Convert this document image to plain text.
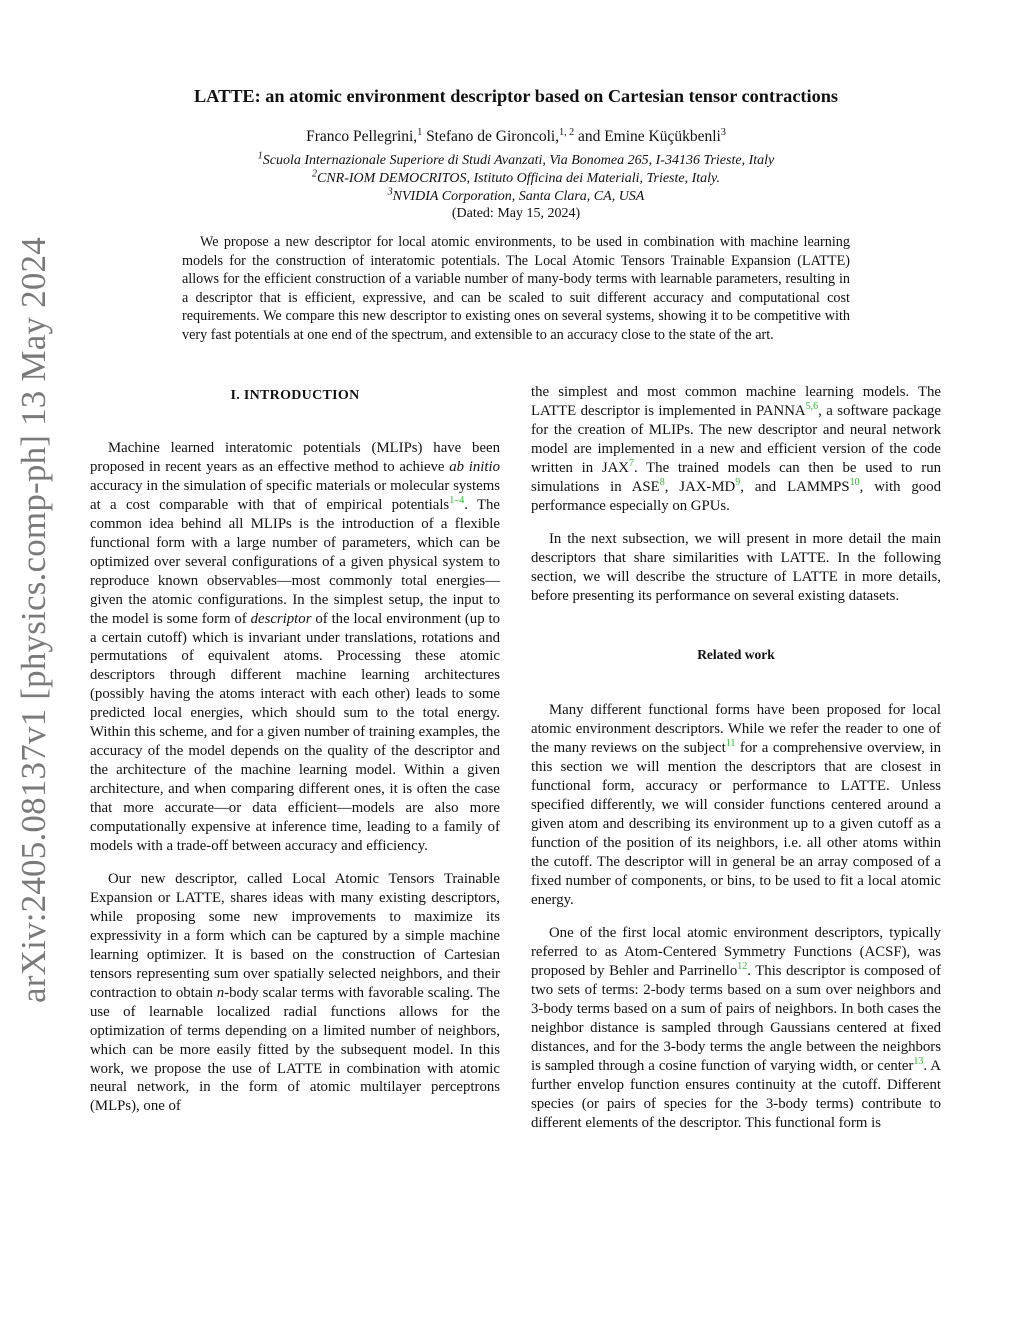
arXiv:2405.08137v1 [physics.comp-ph] 13 May 2024
LATTE: an atomic environment descriptor based on Cartesian tensor contractions
Franco Pellegrini,$^1$ Stefano de Gironcoli,$^{1, 2}$ and Emine Küçükbenli$^3$
$^1$Scuola Internazionale Superiore di Studi Avanzati, Via Bonomea 265, I-34136 Trieste, Italy
$^2$CNR-IOM DEMOCRITOS, Istituto Officina dei Materiali, Trieste, Italy.
$^3$NVIDIA Corporation, Santa Clara, CA, USA
(Dated: May 15, 2024)

We propose a new descriptor for local atomic environments, to be used in combination with machine learning models for the construction of interatomic potentials. The Local Atomic Tensors Trainable Expansion (LATTE) allows for the efficient construction of a variable number of many-body terms with learnable parameters, resulting in a descriptor that is efficient, expressive, and can be scaled to suit different accuracy and computational cost requirements. We compare this new descriptor to existing ones on several systems, showing it to be competitive with very fast potentials at one end of the spectrum, and extensible to an accuracy close to the state of the art.

I. INTRODUCTION

Machine learned interatomic potentials (MLIPs) have been proposed in recent years as an effective method to achieve ab initio accuracy in the simulation of specific materials or molecular systems at a cost comparable with that of empirical potentials$^{1-4}$. The common idea behind all MLIPs is the introduction of a flexible functional form with a large number of parameters, which can be optimized over several configurations of a given physical system to reproduce known observables—most commonly total energies—given the atomic configurations. In the simplest setup, the input to the model is some form of descriptor of the local environment (up to a certain cutoff) which is invariant under translations, rotations and permutations of equivalent atoms. Processing these atomic descriptors through different machine learning architectures (possibly having the atoms interact with each other) leads to some predicted local energies, which should sum to the total energy. Within this scheme, and for a given number of training examples, the accuracy of the model depends on the quality of the descriptor and the architecture of the machine learning model. Within a given architecture, and when comparing different ones, it is often the case that more accurate—or data efficient—models are also more computationally expensive at inference time, leading to a family of models with a trade-off between accuracy and efficiency.

Our new descriptor, called Local Atomic Tensors Trainable Expansion or LATTE, shares ideas with many existing descriptors, while proposing some new improvements to maximize its expressivity in a form which can be captured by a simple machine learning optimizer. It is based on the construction of Cartesian tensors representing sum over spatially selected neighbors, and their contraction to obtain n-body scalar terms with favorable scaling. The use of learnable localized radial functions allows for the optimization of terms depending on a limited number of neighbors, which can be more easily fitted by the subsequent model. In this work, we propose the use of LATTE in combination with atomic neural network, in the form of atomic multilayer perceptrons (MLPs), one of

the simplest and most common machine learning models. The LATTE descriptor is implemented in PANNA$^{5,6}$, a software package for the creation of MLIPs. The new descriptor and neural network model are implemented in a new and efficient version of the code written in JAX$^7$. The trained models can then be used to run simulations in ASE$^8$, JAX-MD$^9$, and LAMMPS$^{10}$, with good performance especially on GPUs.

In the next subsection, we will present in more detail the main descriptors that share similarities with LATTE. In the following section, we will describe the structure of LATTE in more details, before presenting its performance on several existing datasets.

Related work

Many different functional forms have been proposed for local atomic environment descriptors. While we refer the reader to one of the many reviews on the subject$^{11}$ for a comprehensive overview, in this section we will mention the descriptors that are closest in functional form, accuracy or performance to LATTE. Unless specified differently, we will consider functions centered around a given atom and describing its environment up to a given cutoff as a function of the position of its neighbors, i.e. all other atoms within the cutoff. The descriptor will in general be an array composed of a fixed number of components, or bins, to be used to fit a local atomic energy.

One of the first local atomic environment descriptors, typically referred to as Atom-Centered Symmetry Functions (ACSF), was proposed by Behler and Parrinello$^{12}$. This descriptor is composed of two sets of terms: 2-body terms based on a sum over neighbors and 3-body terms based on a sum of pairs of neighbors. In both cases the neighbor distance is sampled through Gaussians centered at fixed distances, and for the 3-body terms the angle between the neighbors is sampled through a cosine function of varying width, or center$^{13}$. A further envelop function ensures continuity at the cutoff. Different species (or pairs of species for the 3-body terms) contribute to different elements of the descriptor. This functional form is
